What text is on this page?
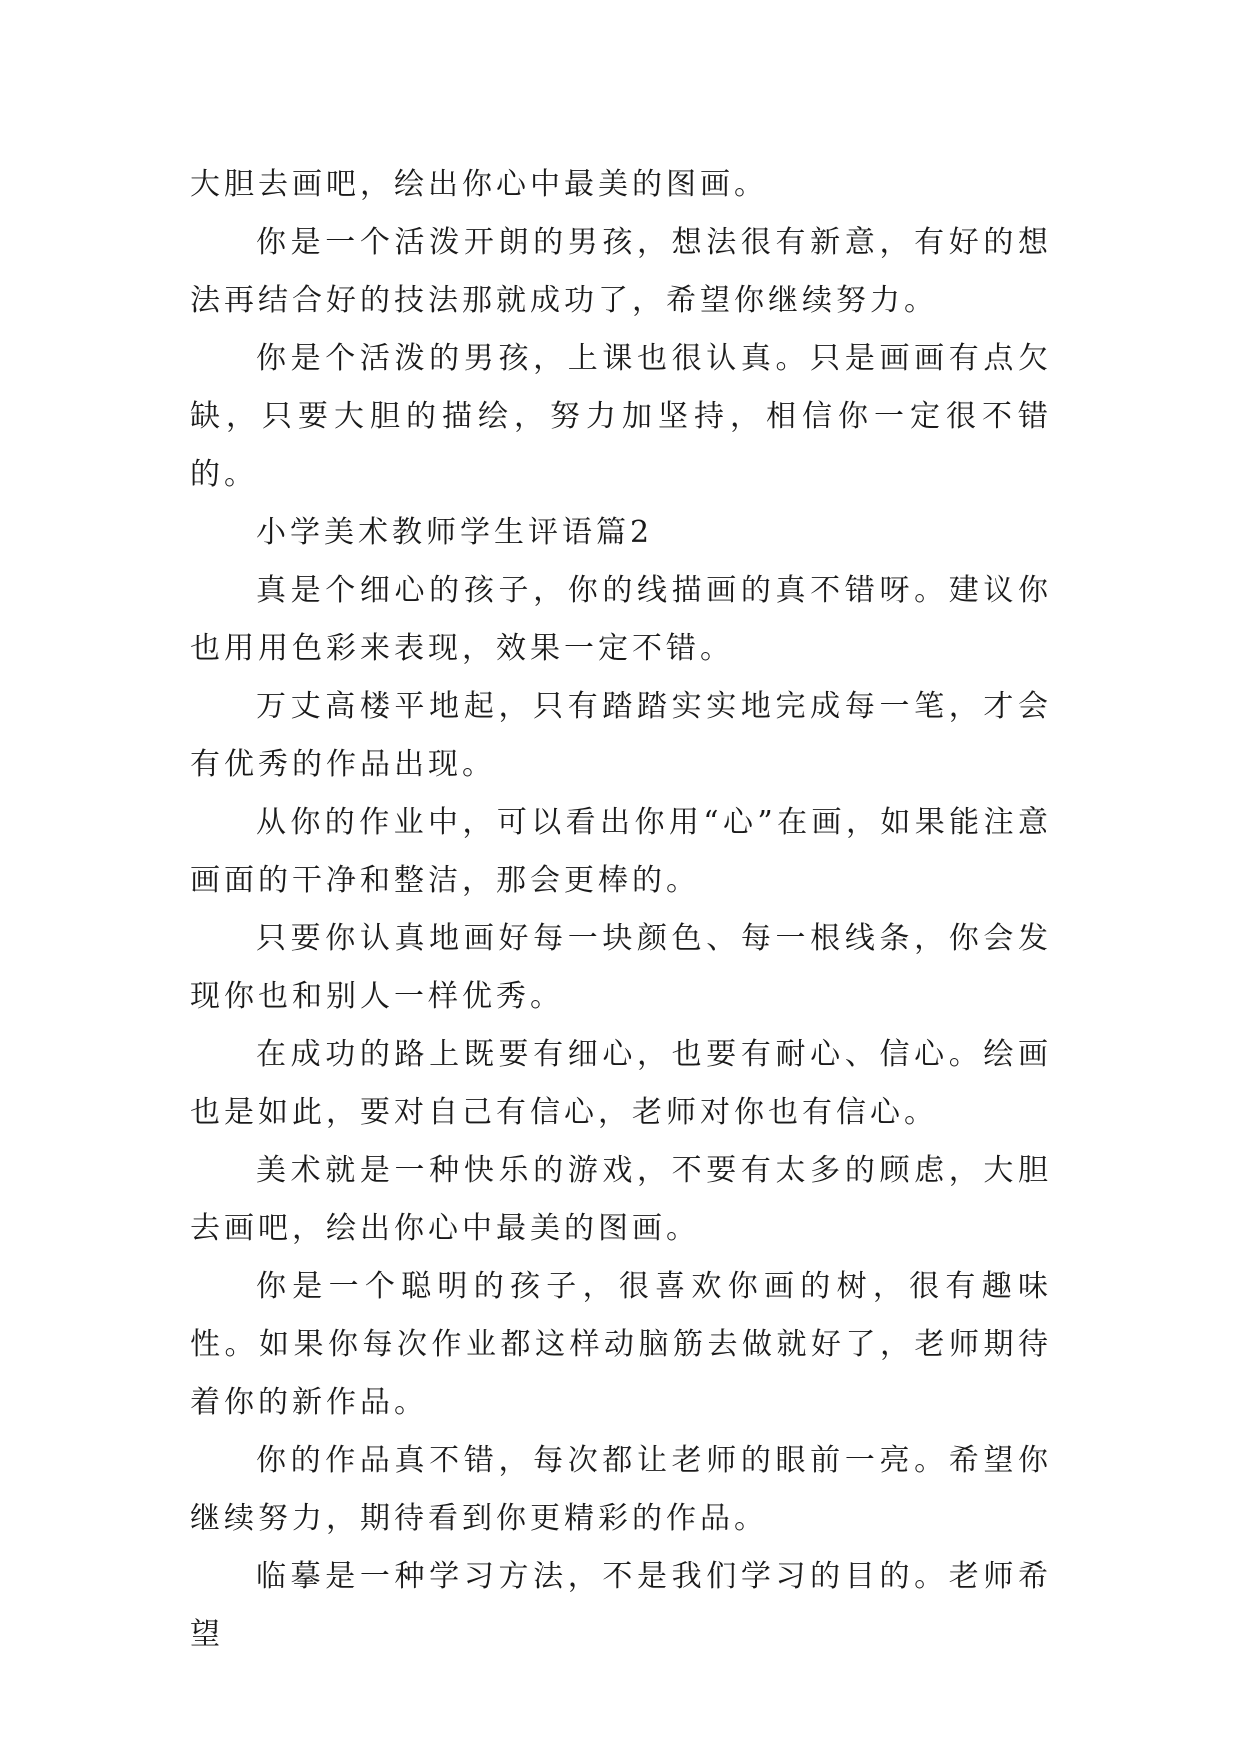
大胆去画吧，绘出你心中最美的图画。

你是一个活泼开朗的男孩，想法很有新意，有好的想法再结合好的技法那就成功了，希望你继续努力。

你是个活泼的男孩，上课也很认真。只是画画有点欠缺，只要大胆的描绘，努力加坚持，相信你一定很不错的。

小学美术教师学生评语篇2

真是个细心的孩子，你的线描画的真不错呀。建议你也用用色彩来表现，效果一定不错。

万丈高楼平地起，只有踏踏实实地完成每一笔，才会有优秀的作品出现。

从你的作业中，可以看出你用“心”在画，如果能注意画面的干净和整洁，那会更棒的。

只要你认真地画好每一块颜色、每一根线条，你会发现你也和别人一样优秀。

在成功的路上既要有细心，也要有耐心、信心。绘画也是如此，要对自己有信心，老师对你也有信心。

美术就是一种快乐的游戏，不要有太多的顾虑，大胆去画吧，绘出你心中最美的图画。

你是一个聪明的孩子，很喜欢你画的树，很有趣味性。如果你每次作业都这样动脑筋去做就好了，老师期待着你的新作品。

你的作品真不错，每次都让老师的眼前一亮。希望你继续努力，期待看到你更精彩的作品。

临摹是一种学习方法，不是我们学习的目的。老师希望
